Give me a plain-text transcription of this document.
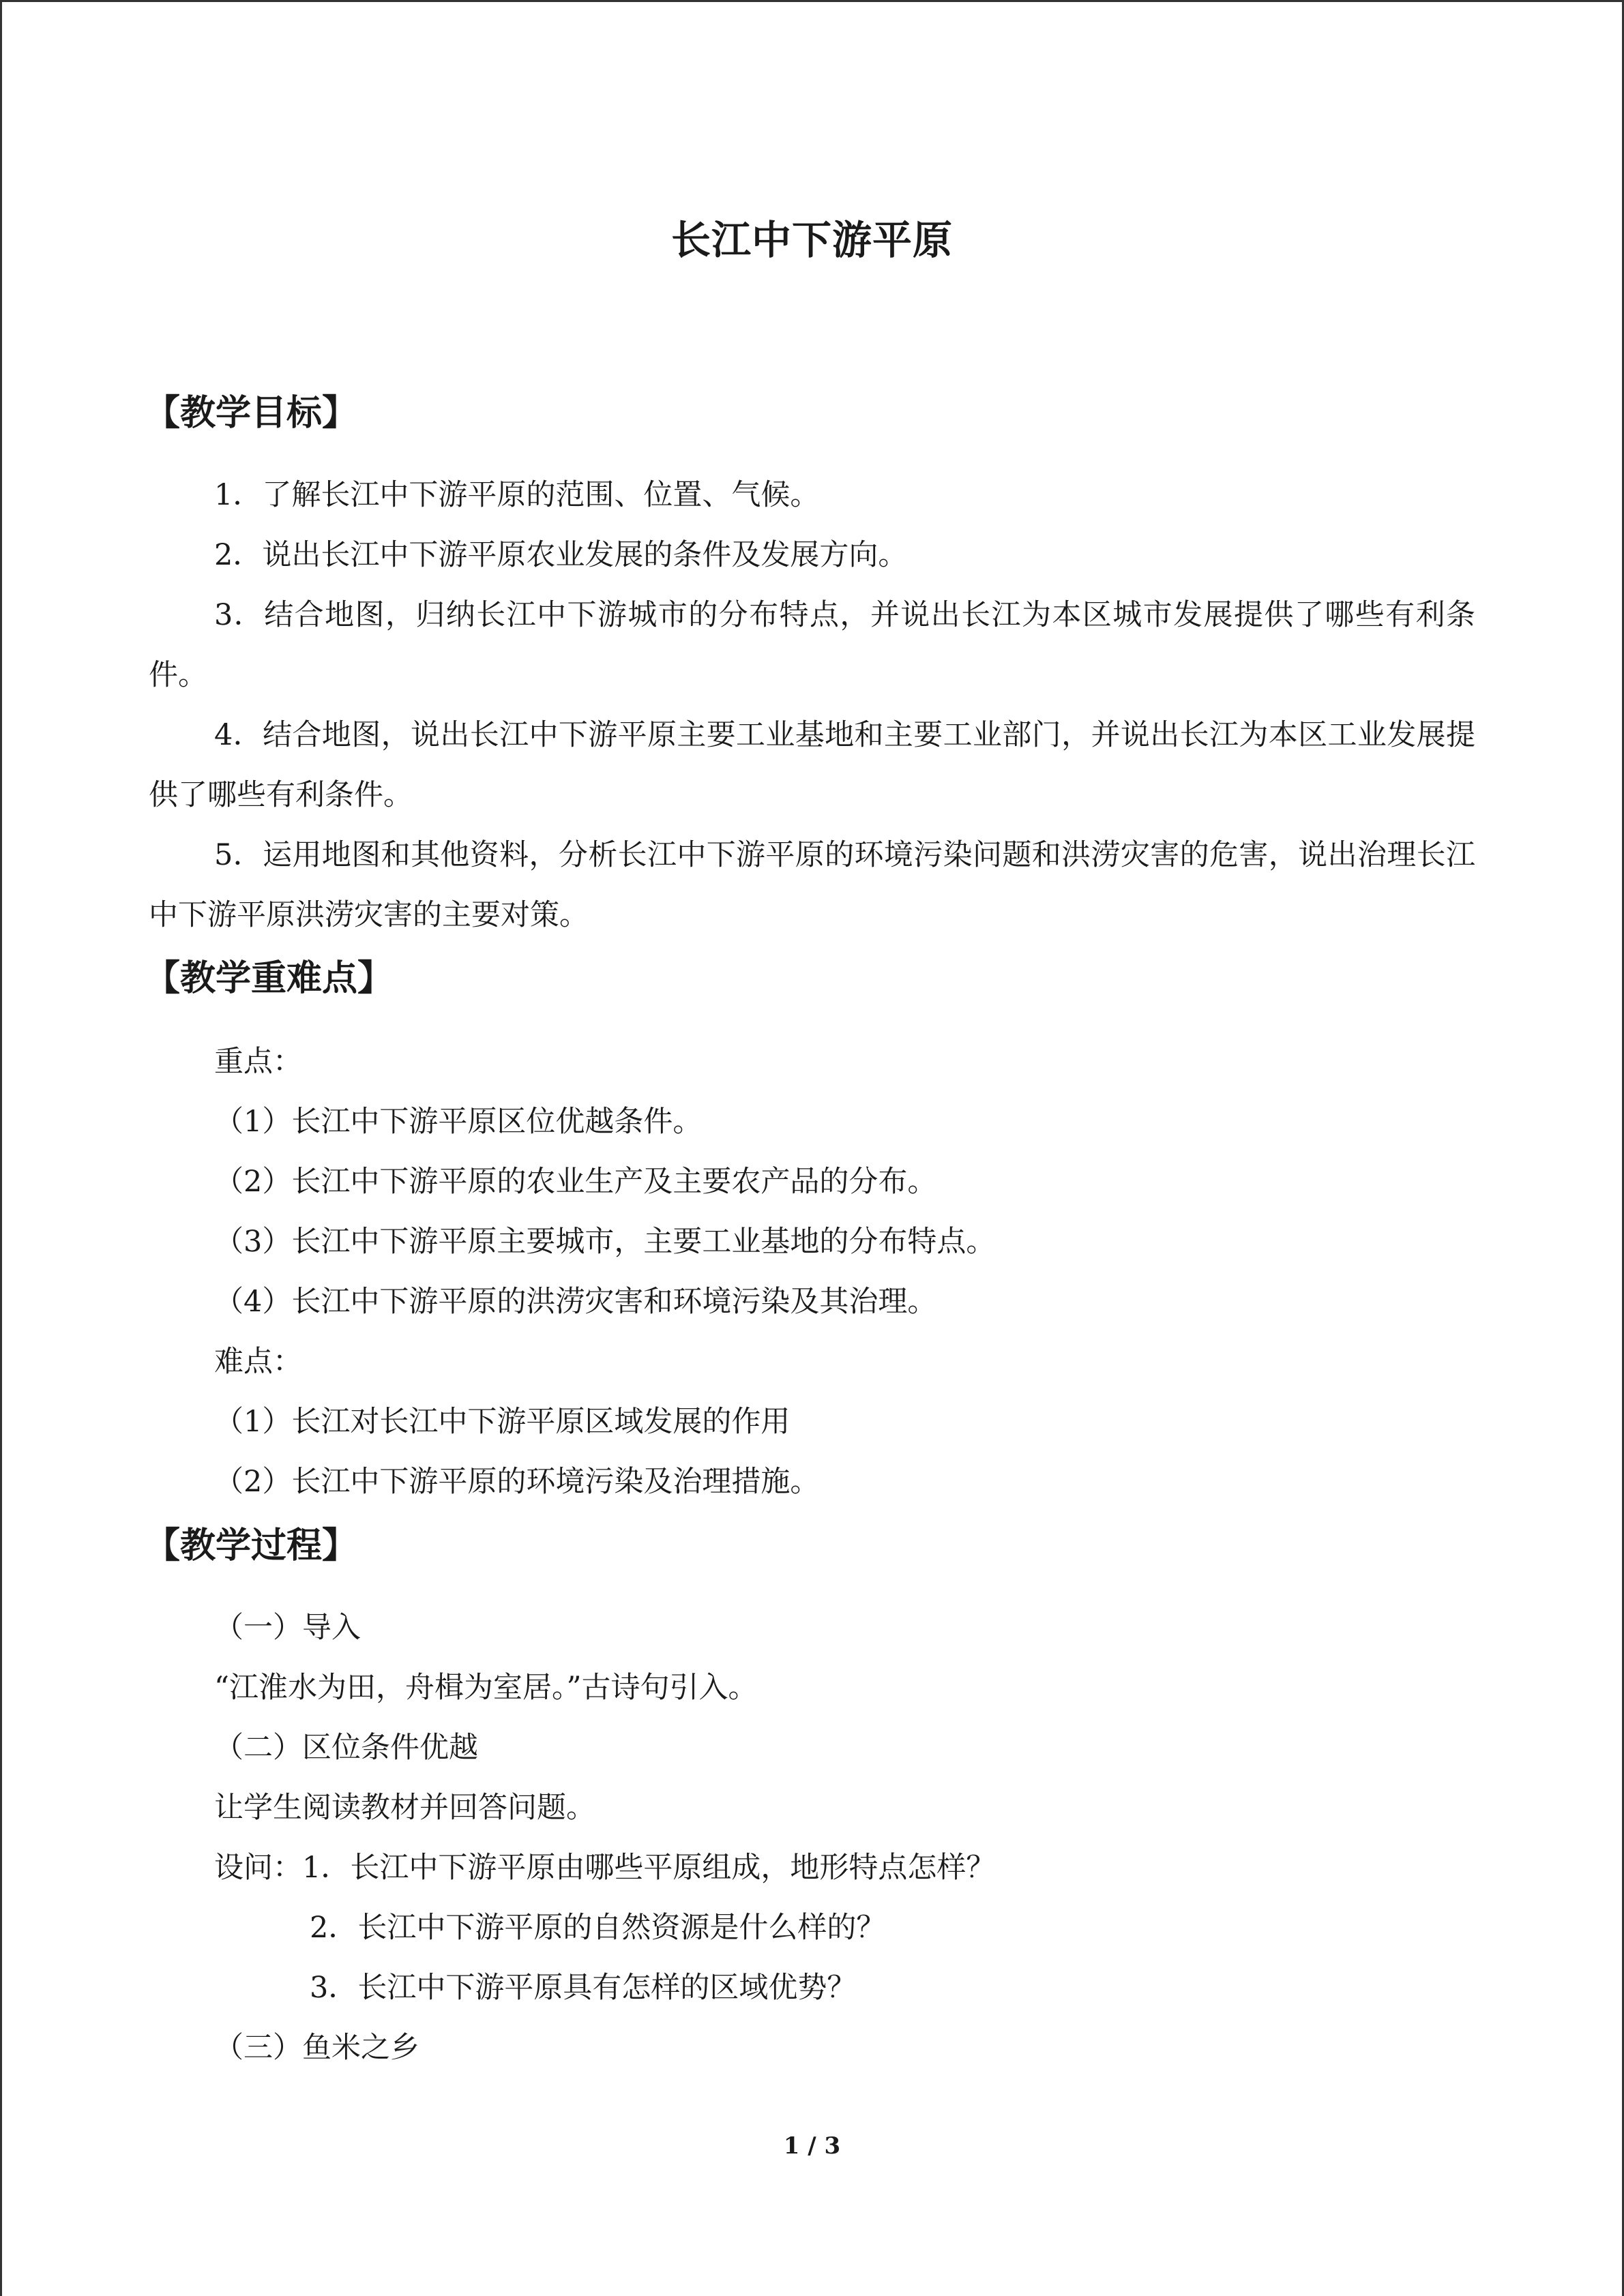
长江中下游平原
【教学目标】
1．了解长江中下游平原的范围、位置、气候。
2．说出长江中下游平原农业发展的条件及发展方向。
3．结合地图，归纳长江中下游城市的分布特点，并说出长江为本区城市发展提供了哪些有利条件。
4．结合地图，说出长江中下游平原主要工业基地和主要工业部门，并说出长江为本区工业发展提供了哪些有利条件。
5．运用地图和其他资料，分析长江中下游平原的环境污染问题和洪涝灾害的危害，说出治理长江中下游平原洪涝灾害的主要对策。
【教学重难点】
重点：
（1）长江中下游平原区位优越条件。
（2）长江中下游平原的农业生产及主要农产品的分布。
（3）长江中下游平原主要城市，主要工业基地的分布特点。
（4）长江中下游平原的洪涝灾害和环境污染及其治理。
难点：
（1）长江对长江中下游平原区域发展的作用
（2）长江中下游平原的环境污染及治理措施。
【教学过程】
（一）导入
“江淮水为田，舟楫为室居。”古诗句引入。
（二）区位条件优越
让学生阅读教材并回答问题。
设问：1．长江中下游平原由哪些平原组成，地形特点怎样？
2．长江中下游平原的自然资源是什么样的？
3．长江中下游平原具有怎样的区域优势？
（三）鱼米之乡
1 / 3
